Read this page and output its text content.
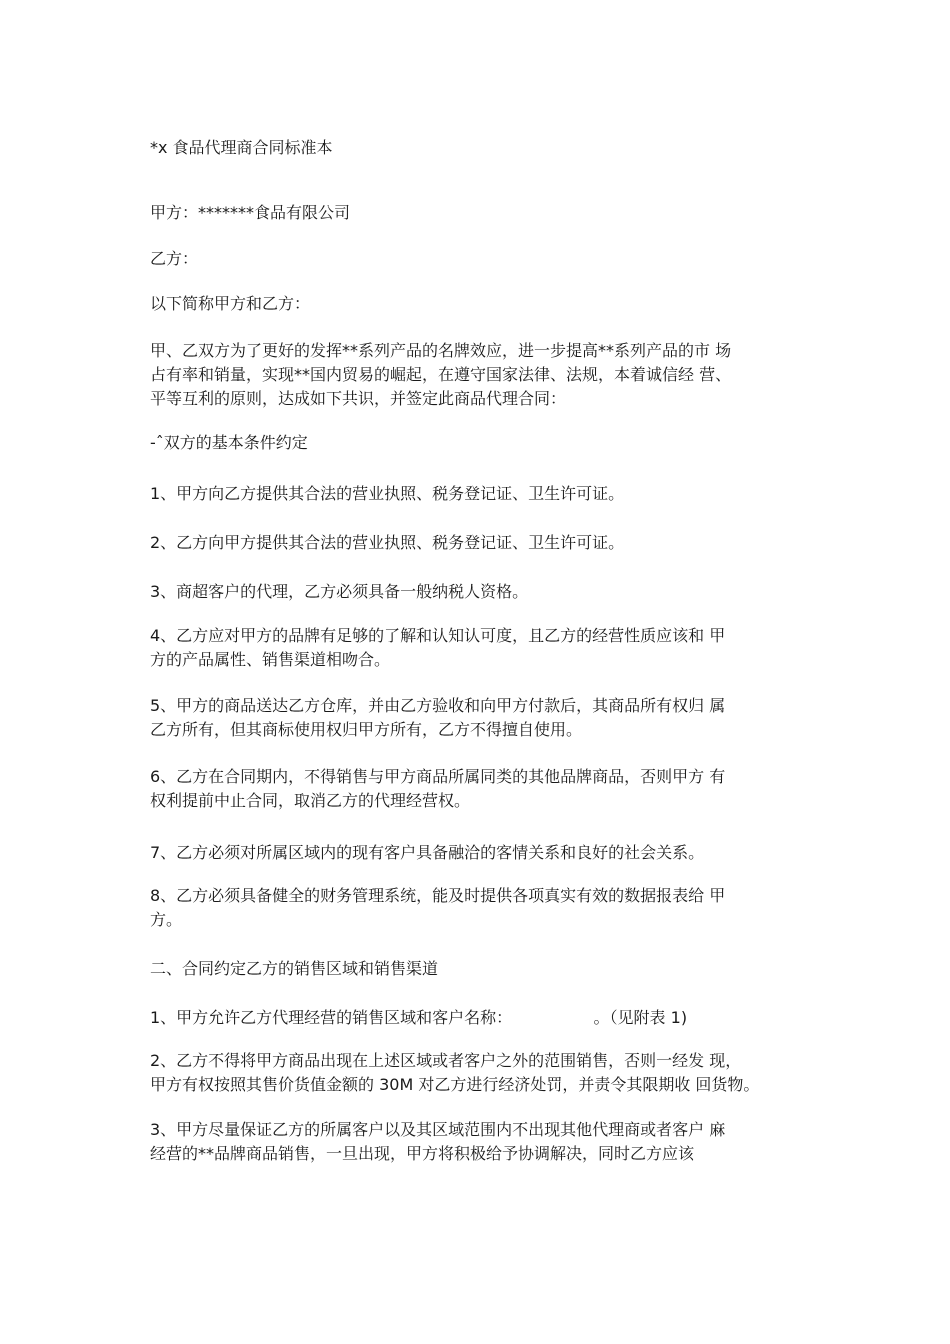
*x 食品代理商合同标准本
甲方：*******食品有限公司
乙方：
以下简称甲方和乙方：
甲、乙双方为了更好的发挥**系列产品的名牌效应，进一步提高**系列产品的市 场
占有率和销量，实现**国内贸易的崛起，在遵守国家法律、法规，本着诚信经 营、
平等互利的原则，达成如下共识，并签定此商品代理合同：
-ˆ双方的基本条件约定
1、甲方向乙方提供其合法的营业执照、税务登记证、卫生许可证。
2、乙方向甲方提供其合法的营业执照、税务登记证、卫生许可证。
3、商超客户的代理，乙方必须具备一般纳税人资格。
4、乙方应对甲方的品牌有足够的了解和认知认可度，且乙方的经营性质应该和 甲
方的产品属性、销售渠道相吻合。
5、甲方的商品送达乙方仓库，并由乙方验收和向甲方付款后，其商品所有权归 属
乙方所有，但其商标使用权归甲方所有，乙方不得擅自使用。
6、乙方在合同期内，不得销售与甲方商品所属同类的其他品牌商品，否则甲方 有
权利提前中止合同，取消乙方的代理经营权。
7、乙方必须对所属区域内的现有客户具备融洽的客情关系和良好的社会关系。
8、乙方必须具备健全的财务管理系统，能及时提供各项真实有效的数据报表给 甲
方。
二、合同约定乙方的销售区域和销售渠道
1、甲方允许乙方代理经营的销售区域和客户名称：                。（见附表 1)
2、乙方不得将甲方商品出现在上述区域或者客户之外的范围销售，否则一经发 现，
甲方有权按照其售价货值金额的 30M 对乙方进行经济处罚，并责令其限期收 回货物。
3、甲方尽量保证乙方的所属客户以及其区域范围内不出现其他代理商或者客户 麻
经营的**品牌商品销售，一旦出现，甲方将积极给予协调解决，同时乙方应该
